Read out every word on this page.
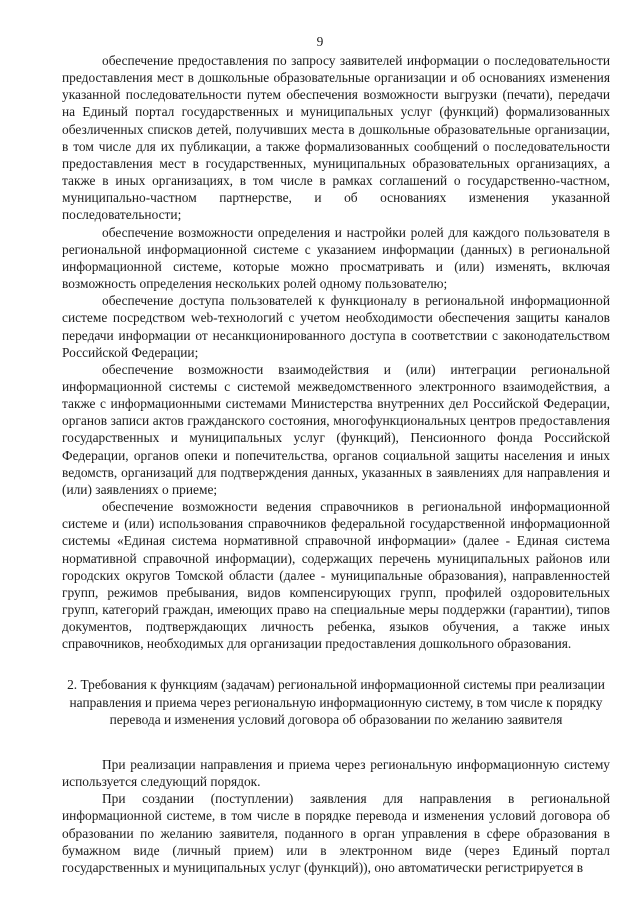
9

обеспечение предоставления по запросу заявителей информации о последовательности предоставления мест в дошкольные образовательные организации и об основаниях изменения указанной последовательности путем обеспечения возможности выгрузки (печати), передачи на Единый портал государственных и муниципальных услуг (функций) формализованных обезличенных списков детей, получивших места в дошкольные образовательные организации, в том числе для их публикации, а также формализованных сообщений о последовательности предоставления мест в государственных, муниципальных образовательных организациях, а также в иных организациях, в том числе в рамках соглашений о государственно-частном, муниципально-частном партнерстве, и об основаниях изменения указанной последовательности;

обеспечение возможности определения и настройки ролей для каждого пользователя в региональной информационной системе с указанием информации (данных) в региональной информационной системе, которые можно просматривать и (или) изменять, включая возможность определения нескольких ролей одному пользователю;

обеспечение доступа пользователей к функционалу в региональной информационной системе посредством web-технологий с учетом необходимости обеспечения защиты каналов передачи информации от несанкционированного доступа в соответствии с законодательством Российской Федерации;

обеспечение возможности взаимодействия и (или) интеграции региональной информационной системы с системой межведомственного электронного взаимодействия, а также с информационными системами Министерства внутренних дел Российской Федерации, органов записи актов гражданского состояния, многофункциональных центров предоставления государственных и муниципальных услуг (функций), Пенсионного фонда Российской Федерации, органов опеки и попечительства, органов социальной защиты населения и иных ведомств, организаций для подтверждения данных, указанных в заявлениях для направления и (или) заявлениях о приеме;

обеспечение возможности ведения справочников в региональной информационной системе и (или) использования справочников федеральной государственной информационной системы «Единая система нормативной справочной информации» (далее - Единая система нормативной справочной информации), содержащих перечень муниципальных районов или городских округов Томской области (далее - муниципальные образования), направленностей групп, режимов пребывания, видов компенсирующих групп, профилей оздоровительных групп, категорий граждан, имеющих право на специальные меры поддержки (гарантии), типов документов, подтверждающих личность ребенка, языков обучения, а также иных справочников, необходимых для организации предоставления дошкольного образования.

2. Требования к функциям (задачам) региональной информационной системы при реализации направления и приема через региональную информационную систему, в том числе к порядку перевода и изменения условий договора об образовании по желанию заявителя

При реализации направления и приема через региональную информационную систему используется следующий порядок.

При создании (поступлении) заявления для направления в региональной информационной системе, в том числе в порядке перевода и изменения условий договора об образовании по желанию заявителя, поданного в орган управления в сфере образования в бумажном виде (личный прием) или в электронном виде (через Единый портал государственных и муниципальных услуг (функций)), оно автоматически регистрируется в
